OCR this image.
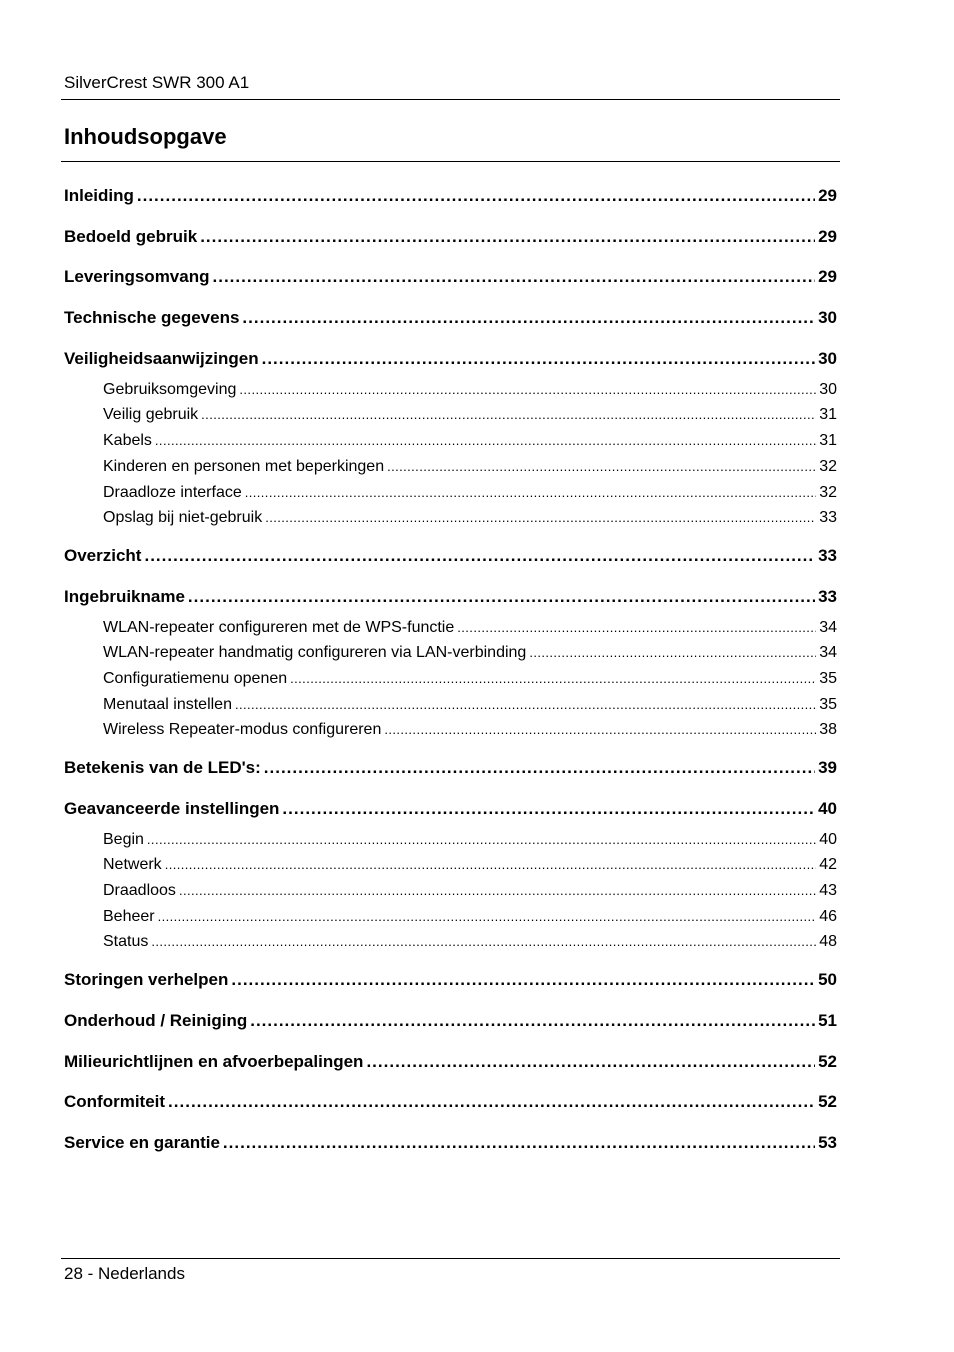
SilverCrest SWR 300 A1
Inhoudsopgave
Inleiding .....	29
Bedoeld gebruik .....	29
Leveringsomvang .....	29
Technische gegevens .....	30
Veiligheidsaanwijzingen .....	30
Gebruiksomgeving .....	30
Veilig gebruik .....	31
Kabels .....	31
Kinderen en personen met beperkingen .....	32
Draadloze interface .....	32
Opslag bij niet-gebruik .....	33
Overzicht .....	33
Ingebruikname .....	33
WLAN-repeater configureren met de WPS-functie .....	34
WLAN-repeater handmatig configureren via LAN-verbinding .....	34
Configuratiemenu openen .....	35
Menutaal instellen .....	35
Wireless Repeater-modus configureren .....	38
Betekenis van de LED's: .....	39
Geavanceerde instellingen .....	40
Begin .....	40
Netwerk .....	42
Draadloos .....	43
Beheer .....	46
Status .....	48
Storingen verhelpen .....	50
Onderhoud / Reiniging .....	51
Milieurichtlijnen en afvoerbepalingen .....	52
Conformiteit .....	52
Service en garantie .....	53
28 - Nederlands
